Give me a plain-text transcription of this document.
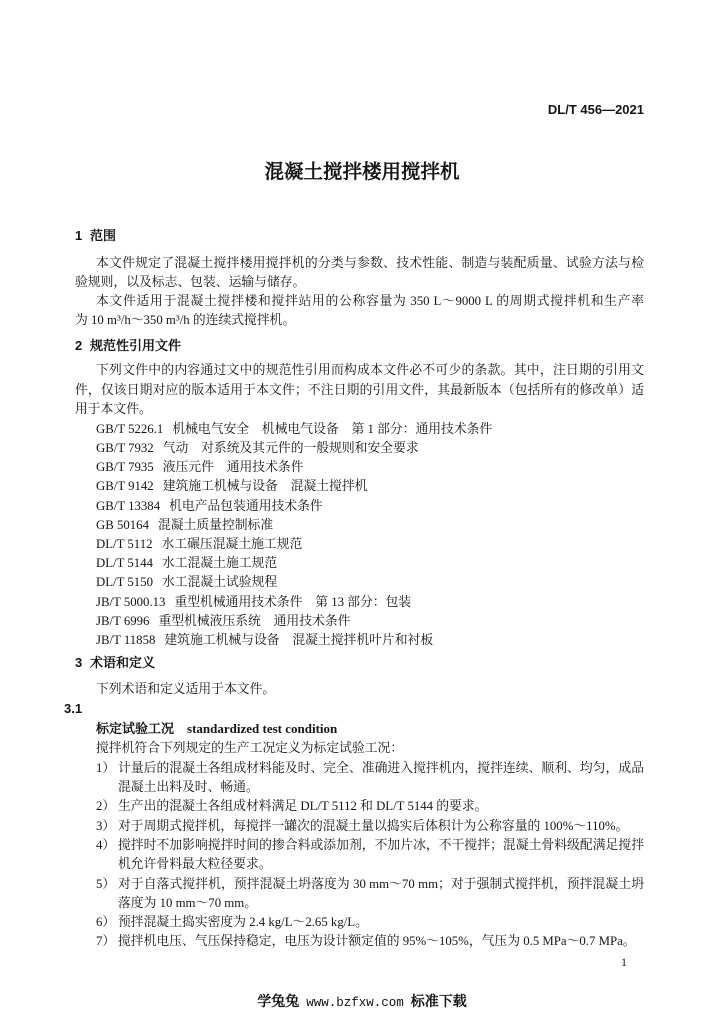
DL/T 456—2021
混凝土搅拌楼用搅拌机
1 范围
本文件规定了混凝土搅拌楼用搅拌机的分类与参数、技术性能、制造与装配质量、试验方法与检
验规则，以及标志、包装、运输与储存。
本文件适用于混凝土搅拌楼和搅拌站用的公称容量为 350 L～9000 L 的周期式搅拌机和生产率
为 10 m³/h～350 m³/h 的连续式搅拌机。
2 规范性引用文件
下列文件中的内容通过文中的规范性引用而构成本文件必不可少的条款。其中，注日期的引用文
件，仅该日期对应的版本适用于本文件；不注日期的引用文件，其最新版本（包括所有的修改单）适
用于本文件。
GB/T 5226.1 机械电气安全　机械电气设备　第 1 部分：通用技术条件
GB/T 7932 气动　对系统及其元件的一般规则和安全要求
GB/T 7935 液压元件　通用技术条件
GB/T 9142 建筑施工机械与设备　混凝土搅拌机
GB/T 13384 机电产品包装通用技术条件
GB 50164 混凝土质量控制标准
DL/T 5112 水工碾压混凝土施工规范
DL/T 5144 水工混凝土施工规范
DL/T 5150 水工混凝土试验规程
JB/T 5000.13 重型机械通用技术条件　第 13 部分：包装
JB/T 6996 重型机械液压系统　通用技术条件
JB/T 11858 建筑施工机械与设备　混凝土搅拌机叶片和衬板
3 术语和定义
下列术语和定义适用于本文件。
3.1
标定试验工况 standardized test condition
搅拌机符合下列规定的生产工况定义为标定试验工况：
1） 计量后的混凝土各组成材料能及时、完全、准确进入搅拌机内，搅拌连续、顺利、均匀，成品
混凝土出料及时、畅通。
2） 生产出的混凝土各组成材料满足 DL/T 5112 和 DL/T 5144 的要求。
3） 对于周期式搅拌机，每搅拌一罐次的混凝土量以捣实后体积计为公称容量的 100%～110%。
4） 搅拌时不加影响搅拌时间的掺合料或添加剂，不加片冰，不干搅拌；混凝土骨料级配满足搅拌
机允许骨料最大粒径要求。
5） 对于自落式搅拌机，预拌混凝土坍落度为 30 mm～70 mm；对于强制式搅拌机，预拌混凝土坍
落度为 10 mm～70 mm。
6） 预拌混凝土捣实密度为 2.4 kg/L～2.65 kg/L。
7） 搅拌机电压、气压保持稳定，电压为设计额定值的 95%～105%，气压为 0.5 MPa～0.7 MPa。
1
学兔兔 www.bzfxw.com 标准下载
